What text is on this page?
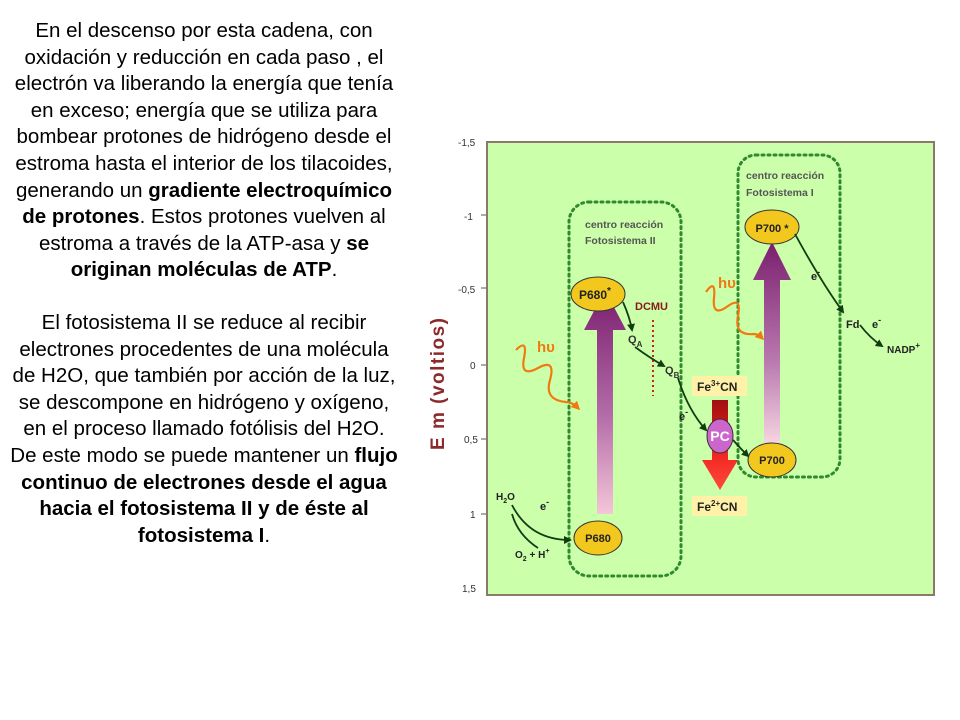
En el descenso por esta cadena, con oxidación y reducción en cada paso , el electrón va liberando la energía que tenía en exceso; energía que se utiliza para bombear protones de hidrógeno desde el estroma hasta el interior de los tilacoides, generando un gradiente electroquímico de protones. Estos protones vuelven al estroma a través de la ATP-asa y se originan moléculas de ATP.

El fotosistema II se reduce al recibir electrones procedentes de una molécula de H2O, que también por acción de la luz, se descompone en hidrógeno y oxígeno, en el proceso llamado fotólisis del H2O. De este modo se puede mantener un flujo continuo de electrones desde el agua hacia el fotosistema II y de éste al fotosistema I.

E m (voltios)
-1,5
-1
-0,5
0
0,5
1
1,5
centro reacción
Fotosistema II
centro reacción
Fotosistema I
$Fe^{3+}CN$
$Fe^{2+}CN$
PC
P680*
P680
P700 *
P700
DCMU
$Q_A$
$Q_B$
e-
e-
e-
e-
Fd
NADP+
$H_2O$
$O_2 + H^+$
hυ
hυ
